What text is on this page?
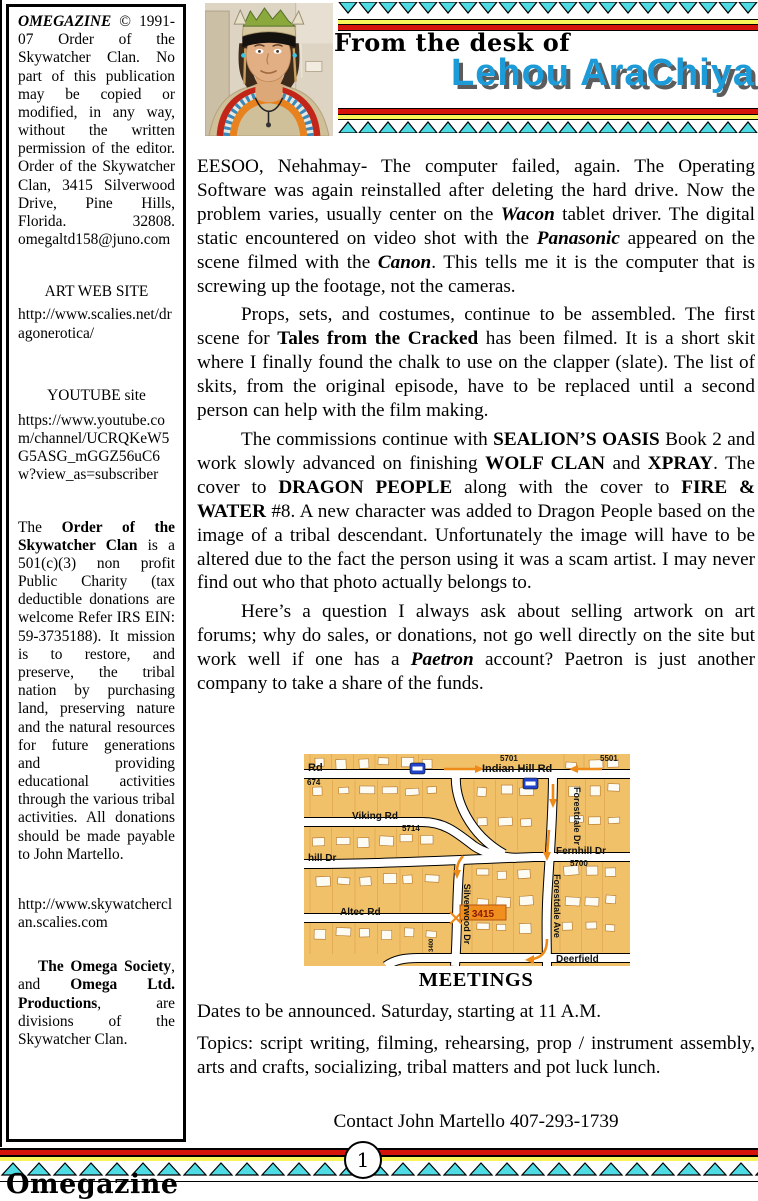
OMEGAZINE © 1991-07 Order of the Skywatcher Clan. No part of this publication may be copied or modified, in any way, without the written permission of the editor. Order of the Skywatcher Clan, 3415 Silverwood Drive, Pine Hills, Florida. 32808. omegaltd158@juno.com
ART WEB SITE
http://www.scalies.net/dragonerotica/
YOUTUBE site
https://www.youtube.com/channel/UCRQKeW5G5ASG_mGGZ56uC6w?view_as=subscriber
The Order of the Skywatcher Clan is a 501(c)(3) non profit Public Charity (tax deductible donations are welcome Refer IRS EIN: 59-3735188). It mission is to restore, and preserve, the tribal nation by purchasing land, preserving nature and the natural resources for future generations and providing educational activities through the various tribal activities. All donations should be made payable to John Martello.
http://www.skywatcherclan.scalies.com
The Omega Society, and Omega Ltd. Productions, are divisions of the Skywatcher Clan.
From the desk of
Lehou AraChiya

EESOO, Nehahmay- The computer failed, again. The Operating Software was again reinstalled after deleting the hard drive. Now the problem varies, usually center on the Wacon tablet driver. The digital static encountered on video shot with the Panasonic appeared on the scene filmed with the Canon. This tells me it is the computer that is screwing up the footage, not the cameras.

Props, sets, and costumes, continue to be assembled. The first scene for Tales from the Cracked has been filmed. It is a short skit where I finally found the chalk to use on the clapper (slate). The list of skits, from the original episode, have to be replaced until a second person can help with the film making.

The commissions continue with SEALION’S OASIS Book 2 and work slowly advanced on finishing WOLF CLAN and XPRAY. The cover to DRAGON PEOPLE along with the cover to FIRE & WATER #8. A new character was added to Dragon People based on the image of a tribal descendant. Unfortunately the image will have to be altered due to the fact the person using it was a scam artist. I may never find out who that photo actually belongs to.

Here’s a question I always ask about selling artwork on art forums; why do sales, or donations, not go well directly on the site but work well if one has a Paetron account? Paetron is just another company to take a share of the funds.

Rd
674
5701	5501
Indian Hill Rd
Viking Rd
5714
hill Dr
Fernhill Dr
5700
Altec Rd	3415
3400
Silverwood Dr
Forestdale Dr
Forestdale Ave
Deerfield
MEETINGS
Dates to be announced. Saturday, starting at 11 A.M.
Topics: script writing, filming, rehearsing, prop / instrument assembly, arts and crafts, socializing, tribal matters and pot luck lunch.
Contact John Martello 407-293-1739
1
Omegazine
